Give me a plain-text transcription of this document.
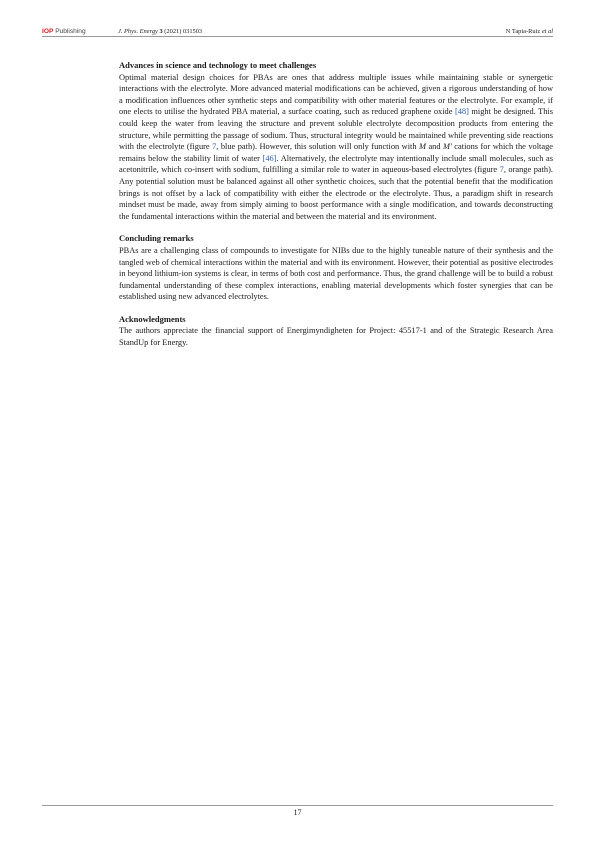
IOP Publishing	J. Phys. Energy 3 (2021) 031503	N Tapia-Ruiz et al
Advances in science and technology to meet challenges

Optimal material design choices for PBAs are ones that address multiple issues while maintaining stable or synergetic interactions with the electrolyte. More advanced material modifications can be achieved, given a rigorous understanding of how a modification influences other synthetic steps and compatibility with other material features or the electrolyte. For example, if one elects to utilise the hydrated PBA material, a surface coating, such as reduced graphene oxide [48] might be designed. This could keep the water from leaving the structure and prevent soluble electrolyte decomposition products from entering the structure, while permitting the passage of sodium. Thus, structural integrity would be maintained while preventing side reactions with the electrolyte (figure 7, blue path). However, this solution will only function with M and M′ cations for which the voltage remains below the stability limit of water [46]. Alternatively, the electrolyte may intentionally include small molecules, such as acetonitrile, which co-insert with sodium, fulfilling a similar role to water in aqueous-based electrolytes (figure 7, orange path). Any potential solution must be balanced against all other synthetic choices, such that the potential benefit that the modification brings is not offset by a lack of compatibility with either the electrode or the electrolyte. Thus, a paradigm shift in research mindset must be made, away from simply aiming to boost performance with a single modification, and towards deconstructing the fundamental interactions within the material and between the material and its environment.

Concluding remarks

PBAs are a challenging class of compounds to investigate for NIBs due to the highly tuneable nature of their synthesis and the tangled web of chemical interactions within the material and with its environment. However, their potential as positive electrodes in beyond lithium-ion systems is clear, in terms of both cost and performance. Thus, the grand challenge will be to build a robust fundamental understanding of these complex interactions, enabling material developments which foster synergies that can be established using new advanced electrolytes.

Acknowledgments

The authors appreciate the financial support of Energimyndigheten for Project: 45517-1 and of the Strategic Research Area StandUp for Energy.

17
